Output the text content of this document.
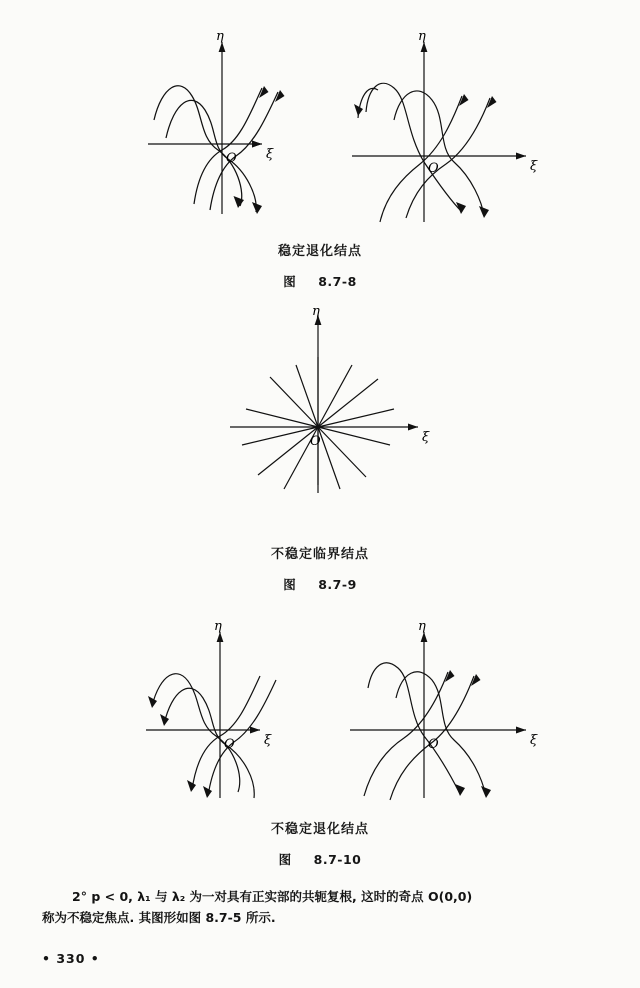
η
ξ
O
η
ξ
O
稳定退化结点
图 8.7-8
η
ξ
O
不稳定临界结点
图 8.7-9
η
ξ
O
η
ξ
O
不稳定退化结点
图 8.7-10
2° p < 0, λ₁ 与 λ₂ 为一对具有正实部的共轭复根, 这时的奇点 O(0,0)
称为不稳定焦点. 其图形如图 8.7-5 所示.
• 330 •
